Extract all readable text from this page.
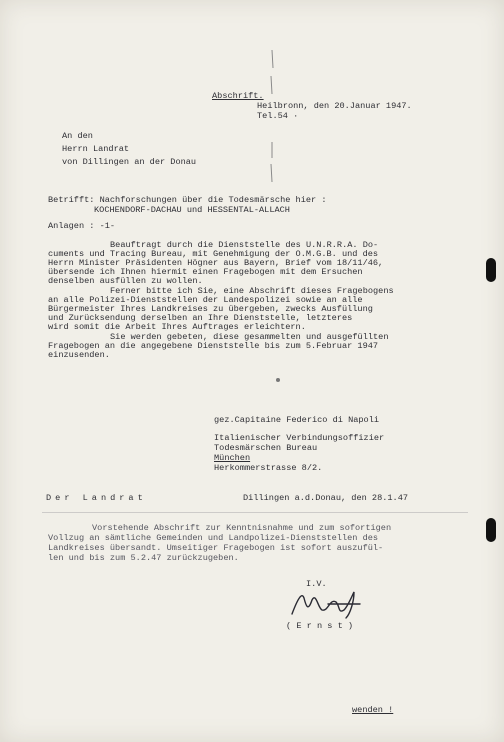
Abschrift.
Heilbronn, den 20.Januar 1947.
Tel.54 ·
An den
Herrn Landrat
von Dillingen an der Donau
Betrifft: Nachforschungen über die Todesmärsche hier :
KOCHENDORF-DACHAU und HESSENTAL-ALLACH
Anlagen : -1-
Beauftragt durch die Dienststelle des U.N.R.R.A. Do-
cuments und Tracing Bureau, mit Genehmigung der O.M.G.B. und des
Herrn Minister Präsidenten Högner aus Bayern, Brief vom 18/11/46,
übersende ich Ihnen hiermit einen Fragebogen mit dem Ersuchen
denselben ausfüllen zu wollen.
Ferner bitte ich Sie, eine Abschrift dieses Fragebogens
an alle Polizei-Dienststellen der Landespolizei sowie an alle
Bürgermeister Ihres Landkreises zu übergeben, zwecks Ausfüllung
und Zurücksendung derselben an Ihre Dienststelle, letzteres
wird somit die Arbeit Ihres Auftrages erleichtern.
Sie werden gebeten, diese gesammelten und ausgefüllten
Fragebogen an die angegebene Dienststelle bis zum 5.Februar 1947
einzusenden.
gez.Capitaine Federico di Napoli
Italienischer Verbindungsoffizier
Todesmärschen Bureau
München
Herkommerstrasse 8/2.
Der Landrat	Dillingen a.d.Donau, den 28.1.47
Vorstehende Abschrift zur Kenntnisnahme und zum sofortigen
Vollzug an sämtliche Gemeinden und Landpolizei-Dienststellen des
Landkreises übersandt. Umseitiger Fragebogen ist sofort auszufül-
len und bis zum 5.2.47 zurückzugeben.
I.V.
( E r n s t )
wenden !
